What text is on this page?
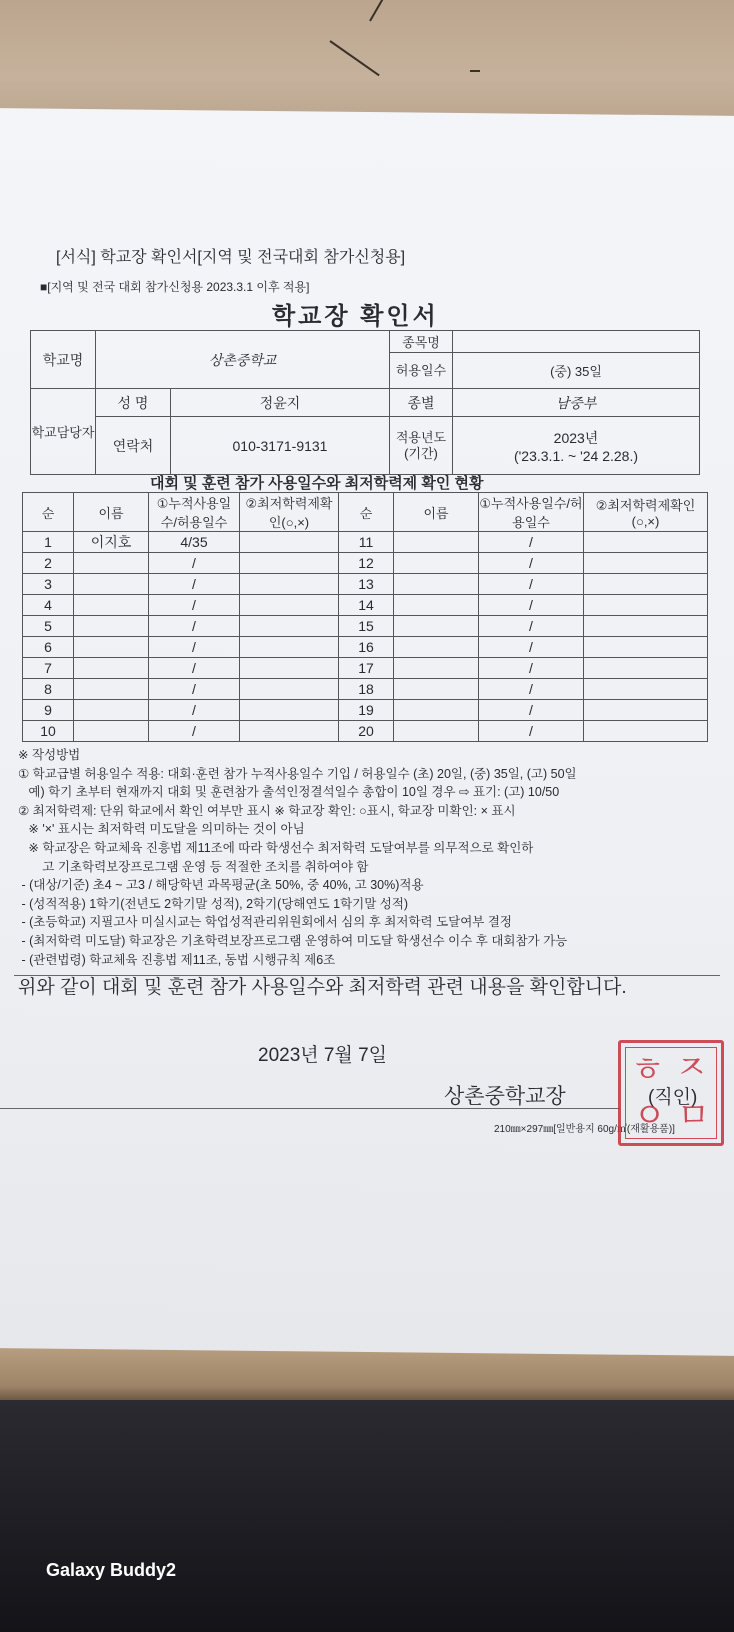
[서식] 학교장 확인서[지역 및 전국대회 참가신청용]
■[지역 및 전국 대회 참가신청용 2023.3.1 이후 적용]
학교장 확인서
학교명	상촌중학교		종목명	
			허용일수	(중) 35일
학교담당자	성 명	정윤지	종별	남중부
	연락처	010-3171-9131	적용년도(기간)	2023년
('23.3.1. ~ '24 2.28.)
대회 및 훈련 참가 사용일수와 최저학력제 확인 현황
순	이름	①누적사용일수/허용일수	②최저학력제확인(○,×)	순	이름	①누적사용일수/허용일수	②최저학력제확인(○,×)
1	이지호	4/35		11		/	
2		/		12		/	
3		/		13		/	
4		/		14		/	
5		/		15		/	
6		/		16		/	
7		/		17		/	
8		/		18		/	
9		/		19		/	
10		/		20		/	
※ 작성방법
① 학교급별 허용일수 적용: 대회·훈련 참가 누적사용일수 기입 / 허용일수 (초) 20일, (중) 35일, (고) 50일
예) 학기 초부터 현재까지 대회 및 훈련참가 출석인정결석일수 총합이 10일 경우 ⇨ 표기: (고) 10/50
② 최저학력제: 단위 학교에서 확인 여부만 표시 ※ 학교장 확인: ○표시, 학교장 미확인: × 표시
※ '×' 표시는 최저학력 미도달을 의미하는 것이 아님
※ 학교장은 학교체육 진흥법 제11조에 따라 학생선수 최저학력 도달여부를 의무적으로 확인하
고 기초학력보장프로그램 운영 등 적절한 조치를 취하여야 함
- (대상/기준) 초4 ~ 고3 / 해당학년 과목평균(초 50%, 중 40%, 고 30%)적용
- (성적적용) 1학기(전년도 2학기말 성적), 2학기(당해연도 1학기말 성적)
- (초등학교) 지필고사 미실시교는 학업성적관리위원회에서 심의 후 최저학력 도달여부 결정
- (최저학력 미도달) 학교장은 기초학력보장프로그램 운영하여 미도달 학생선수 이수 후 대회참가 가능
- (관련법령) 학교체육 진흥법 제11조, 동법 시행규칙 제6조
위와 같이 대회 및 훈련 참가 사용일수와 최저학력 관련 내용을 확인합니다.
2023년 7월 7일
상촌중학교장	(직인)
210㎜×297㎜[일반용지 60g/㎡(재활용품)]
ㅎ ㅈ
ㅇ ㅁ
Galaxy Buddy2
